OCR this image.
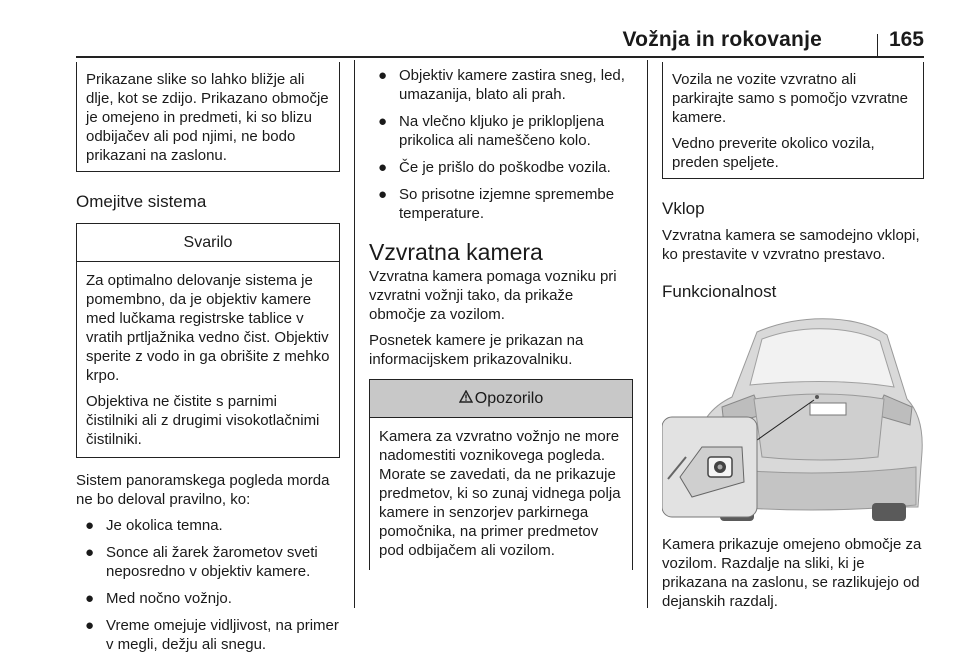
Vožnja in rokovanje	165
Prikazane slike so lahko bližje ali dlje, kot se zdijo. Prikazano območje je omejeno in predmeti, ki so blizu odbijačev ali pod njimi, ne bodo prikazani na zaslonu.
Omejitve sistema
Svarilo

Za optimalno delovanje sistema je pomembno, da je objektiv kamere med lučkama registrske tablice v vratih prtljažnika vedno čist. Objektiv sperite z vodo in ga obrišite z mehko krpo.

Objektiva ne čistite s parnimi čistilniki ali z drugimi visokotlačnimi čistilniki.

Sistem panoramskega pogleda morda ne bo deloval pravilno, ko:

● Je okolica temna.
● Sonce ali žarek žarometov sveti neposredno v objektiv kamere.
● Med nočno vožnjo.
● Vreme omejuje vidljivost, na primer v megli, dežju ali snegu.
● Objektiv kamere zastira sneg, led, umazanija, blato ali prah.
● Na vlečno kljuko je priklopljena prikolica ali nameščeno kolo.
● Če je prišlo do poškodbe vozila.
● So prisotne izjemne spremembe temperature.
Vzvratna kamera

Vzvratna kamera pomaga vozniku pri vzvratni vožnji tako, da prikaže območje za vozilom.

Posnetek kamere je prikazan na informacijskem prikazovalniku.

Opozorilo
Kamera za vzvratno vožnjo ne more nadomestiti voznikovega pogleda. Morate se zavedati, da ne prikazuje predmetov, ki so zunaj vidnega polja kamere in senzorjev parkirnega pomočnika, na primer predmetov pod odbijačem ali vozilom.

Vozila ne vozite vzvratno ali parkirajte samo s pomočjo vzvratne kamere.

Vedno preverite okolico vozila, preden speljete.

Vklop

Vzvratna kamera se samodejno vklopi, ko prestavite v vzvratno prestavo.

Funkcionalnost

Kamera prikazuje omejeno območje za vozilom. Razdalje na sliki, ki je prikazana na zaslonu, se razlikujejo od dejanskih razdalj.
